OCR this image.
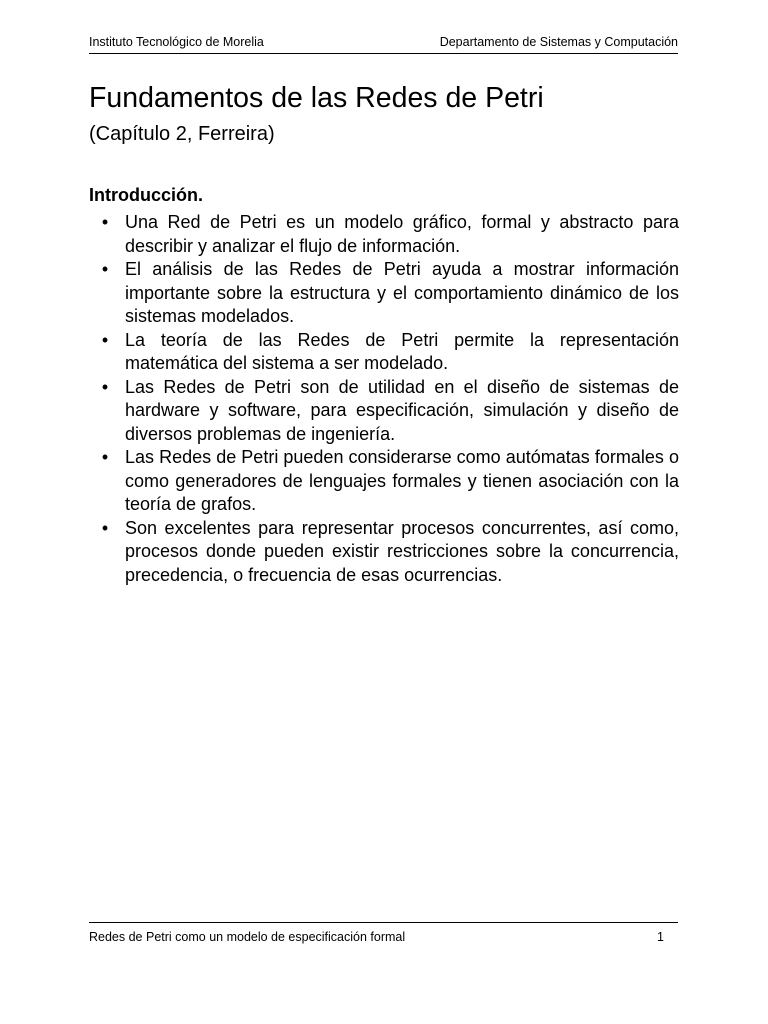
Instituto Tecnológico de Morelia	Departamento de Sistemas y Computación
Fundamentos de las Redes de Petri

(Capítulo 2, Ferreira)

Introducción.
• Una Red de Petri es un modelo gráfico, formal y abstracto para describir y analizar el flujo de información.
• El análisis de las Redes de Petri ayuda a mostrar información importante sobre la estructura y el comportamiento dinámico de los sistemas modelados.
• La teoría de las Redes de Petri permite la representación matemática del sistema a ser modelado.
• Las Redes de Petri son de utilidad en el diseño de sistemas de hardware y software, para especificación, simulación y diseño de diversos problemas de ingeniería.
• Las Redes de Petri pueden considerarse como autómatas formales o como generadores de lenguajes formales y tienen asociación con la teoría de grafos.
• Son excelentes para representar procesos concurrentes, así como, procesos donde pueden existir restricciones sobre la concurrencia, precedencia, o frecuencia de esas ocurrencias.
Redes de Petri como un modelo de especificación formal	1
